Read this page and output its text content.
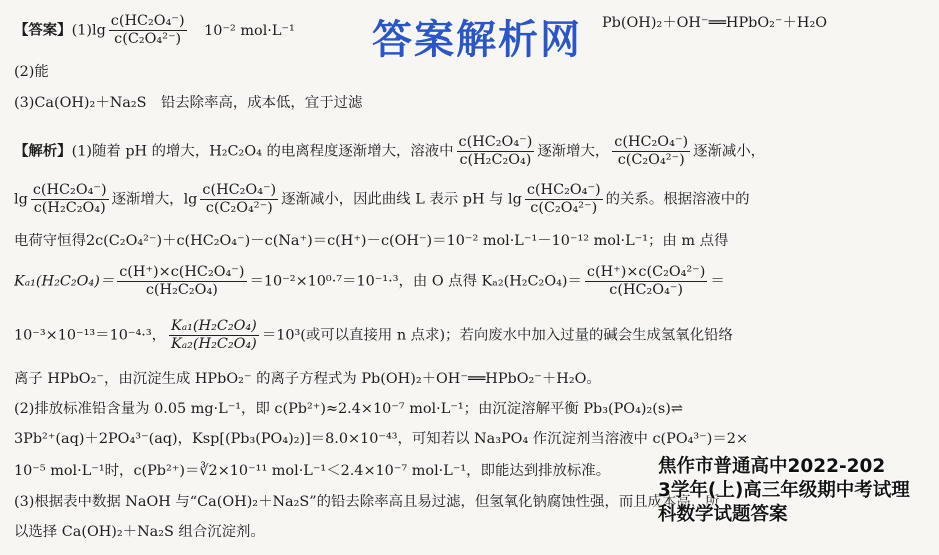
【答案】$(1)\lg \frac{\text{c(HC₂O₄⁻)}}{\text{c(C₂O₄²⁻)}} 10^{-2}$ mol·L⁻¹	Pb(OH)₂＋OH⁻══HPbO₂⁻＋H₂O
(2)能
(3)Ca(OH)₂＋Na₂S　铅去除率高，成本低，宜于过滤
【解析】(1)随着 pH 的增大，H₂C₂O₄ 的电离程度逐渐增大，溶液中 $\frac{\text{c(HC₂O₄⁻)}}{\text{c(H₂C₂O₄)}}$ 逐渐增大， $\frac{\text{c(HC₂O₄⁻)}}{\text{c(C₂O₄²⁻)}}$ 逐渐减小，
$\lg \frac{\text{c(HC₂O₄⁻)}}{\text{c(H₂C₂O₄)}}$ 逐渐增大，$\lg \frac{\text{c(HC₂O₄⁻)}}{\text{c(C₂O₄²⁻)}}$ 逐渐减小，因此曲线 L 表示 pH 与 $\lg \frac{\text{c(HC₂O₄⁻)}}{\text{c(C₂O₄²⁻)}}$ 的关系。根据溶液中的
电荷守恒得2c(C₂O₄²⁻)＋c(HC₂O₄⁻)－c(Na⁺)＝c(H⁺)－c(OH⁻)＝10⁻² mol·L⁻¹－10⁻¹² mol·L⁻¹；由 m 点得
$K_{a1}(H_2C_2O_4)= \frac{\text{c(H⁺)×c(HC₂O₄⁻)}}{\text{c(H₂C₂O₄)}} =10^{-2}\times 10^0\cdot^7=10^{-1}\cdot^3$，由 O 点得 $K_{a2}(H_2C_2O_4)= \frac{\text{c(H⁺)×c(C₂O₄²⁻)}}{\text{c(HC₂O₄⁻)}}$ ＝
10⁻³×10⁻¹³＝10⁻⁴·³， $\frac{\text{Kₐ₁(H₂C₂O₄)}}{\text{Kₐ₂(H₂C₂O₄)}} =10^3$(或可以直接用 n 点求)；若向废水中加入过量的碱会生成氢氧化铅络
离子 HPbO₂⁻，由沉淀生成 HPbO₂⁻ 的离子方程式为 Pb(OH)₂＋OH⁻══HPbO₂⁻＋H₂O。
(2)排放标准铅含量为 0.05 mg·L⁻¹，即 c(Pb²⁺)≈2.4×10⁻⁷ mol·L⁻¹；由沉淀溶解平衡 Pb₃(PO₄)₂(s)⇌
3Pb²⁺(aq)＋2PO₄³⁻(aq)，Ksp[(Pb₃(PO₄)₂)]＝8.0×10⁻⁴³，可知若以 Na₃PO₄ 作沉淀剂当溶液中 c(PO₄³⁻)＝2×
10⁻⁵ mol·L⁻¹时，c(Pb²⁺)＝∛2×10⁻¹¹ mol·L⁻¹＜2.4×10⁻⁷ mol·L⁻¹，即能达到排放标准。
(3)根据表中数据 NaOH 与“Ca(OH)₂＋Na₂S”的铅去除率高且易过滤，但氢氧化钠腐蚀性强，而且成本高，所
以选择 Ca(OH)₂＋Na₂S 组合沉淀剂。
答案解析网
焦作市普通高中2022-202
3学年(上)高三年级期中考试理
科数学试题答案
